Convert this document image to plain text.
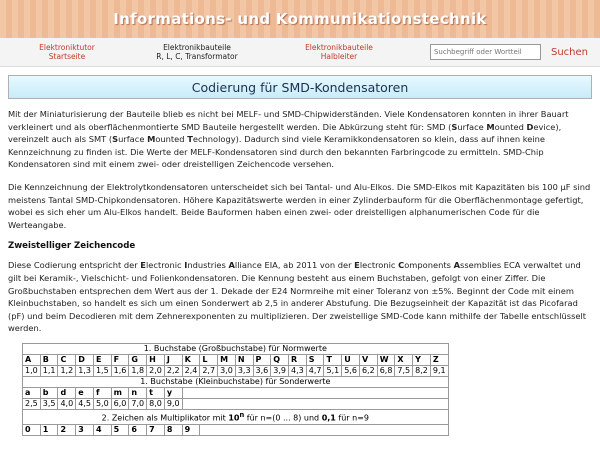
Informations- und Kommunikationstechnik
Elektroniktutor
Startseite
Elektronikbauteile
R, L, C, Transformator
Elektronikbauteile
Halbleiter
Suchbegriff oder Wortteil	Suchen
Codierung für SMD-Kondensatoren

Mit der Miniaturisierung der Bauteile blieb es nicht bei MELF- und SMD-Chipwiderständen. Viele Kondensatoren konnten in ihrer Bauart verkleinert und als oberflächenmontierte SMD Bauteile hergestellt werden. Die Abkürzung steht für: SMD (Surface Mounted Device), vereinzelt auch als SMT (Surface Mounted Technology). Dadurch sind viele Keramikkondensatoren so klein, dass auf ihnen keine Kennzeichnung zu finden ist. Die Werte der MELF-Kondensatoren sind durch den bekannten Farbringcode zu ermitteln. SMD-Chip Kondensatoren sind mit einem zwei- oder dreistelligen Zeichencode versehen.

Die Kennzeichnung der Elektrolytkondensatoren unterscheidet sich bei Tantal- und Alu-Elkos. Die SMD-Elkos mit Kapazitäten bis 100 µF sind meistens Tantal SMD-Chipkondensatoren. Höhere Kapazitätswerte werden in einer Zylinderbauform für die Oberflächenmontage gefertigt, wobei es sich eher um Alu-Elkos handelt. Beide Bauformen haben einen zwei- oder dreistelligen alphanumerischen Code für die Werteangabe.

Zweistelliger Zeichencode

Diese Codierung entspricht der Electronic Industries Alliance EIA, ab 2011 von der Electronic Components Assemblies ECA verwaltet und gilt bei Keramik-, Vielschicht- und Folienkondensatoren. Die Kennung besteht aus einem Buchstaben, gefolgt von einer Ziffer. Die Großbuchstaben entsprechen dem Wert aus der 1. Dekade der E24 Normreihe mit einer Toleranz von ±5%. Beginnt der Code mit einem Kleinbuchstaben, so handelt es sich um einen Sonderwert ab 2,5 in anderer Abstufung. Die Bezugseinheit der Kapazität ist das Picofarad (pF) und beim Decodieren mit dem Zehnerexponenten zu multiplizieren. Der zweistellige SMD-Code kann mithilfe der Tabelle entschlüsselt werden.

1. Buchstabe (Großbuchstabe) für Normwerte																							
A	B	C	D	E	F	G	H	J	K	L	M	N	P	Q	R	S	T	U	V	W	X	Y	Z
1,0	1,1	1,2	1,3	1,5	1,6	1,8	2,0	2,2	2,4	2,7	3,0	3,3	3,6	3,9	4,3	4,7	5,1	5,6	6,2	6,8	7,5	8,2	9,1
1. Buchstabe (Kleinbuchstabe) für Sonderwerte																							
a	b	d	e	f	m	n	t	y															
2,5	3,5	4,0	4,5	5,0	6,0	7,0	8,0	9,0															
2. Zeichen als Multiplikator mit 10$^n$ für n=(0 ... 8) und 0,1 für n=9																							
0	1	2	3	4	5	6	7	8	9														
